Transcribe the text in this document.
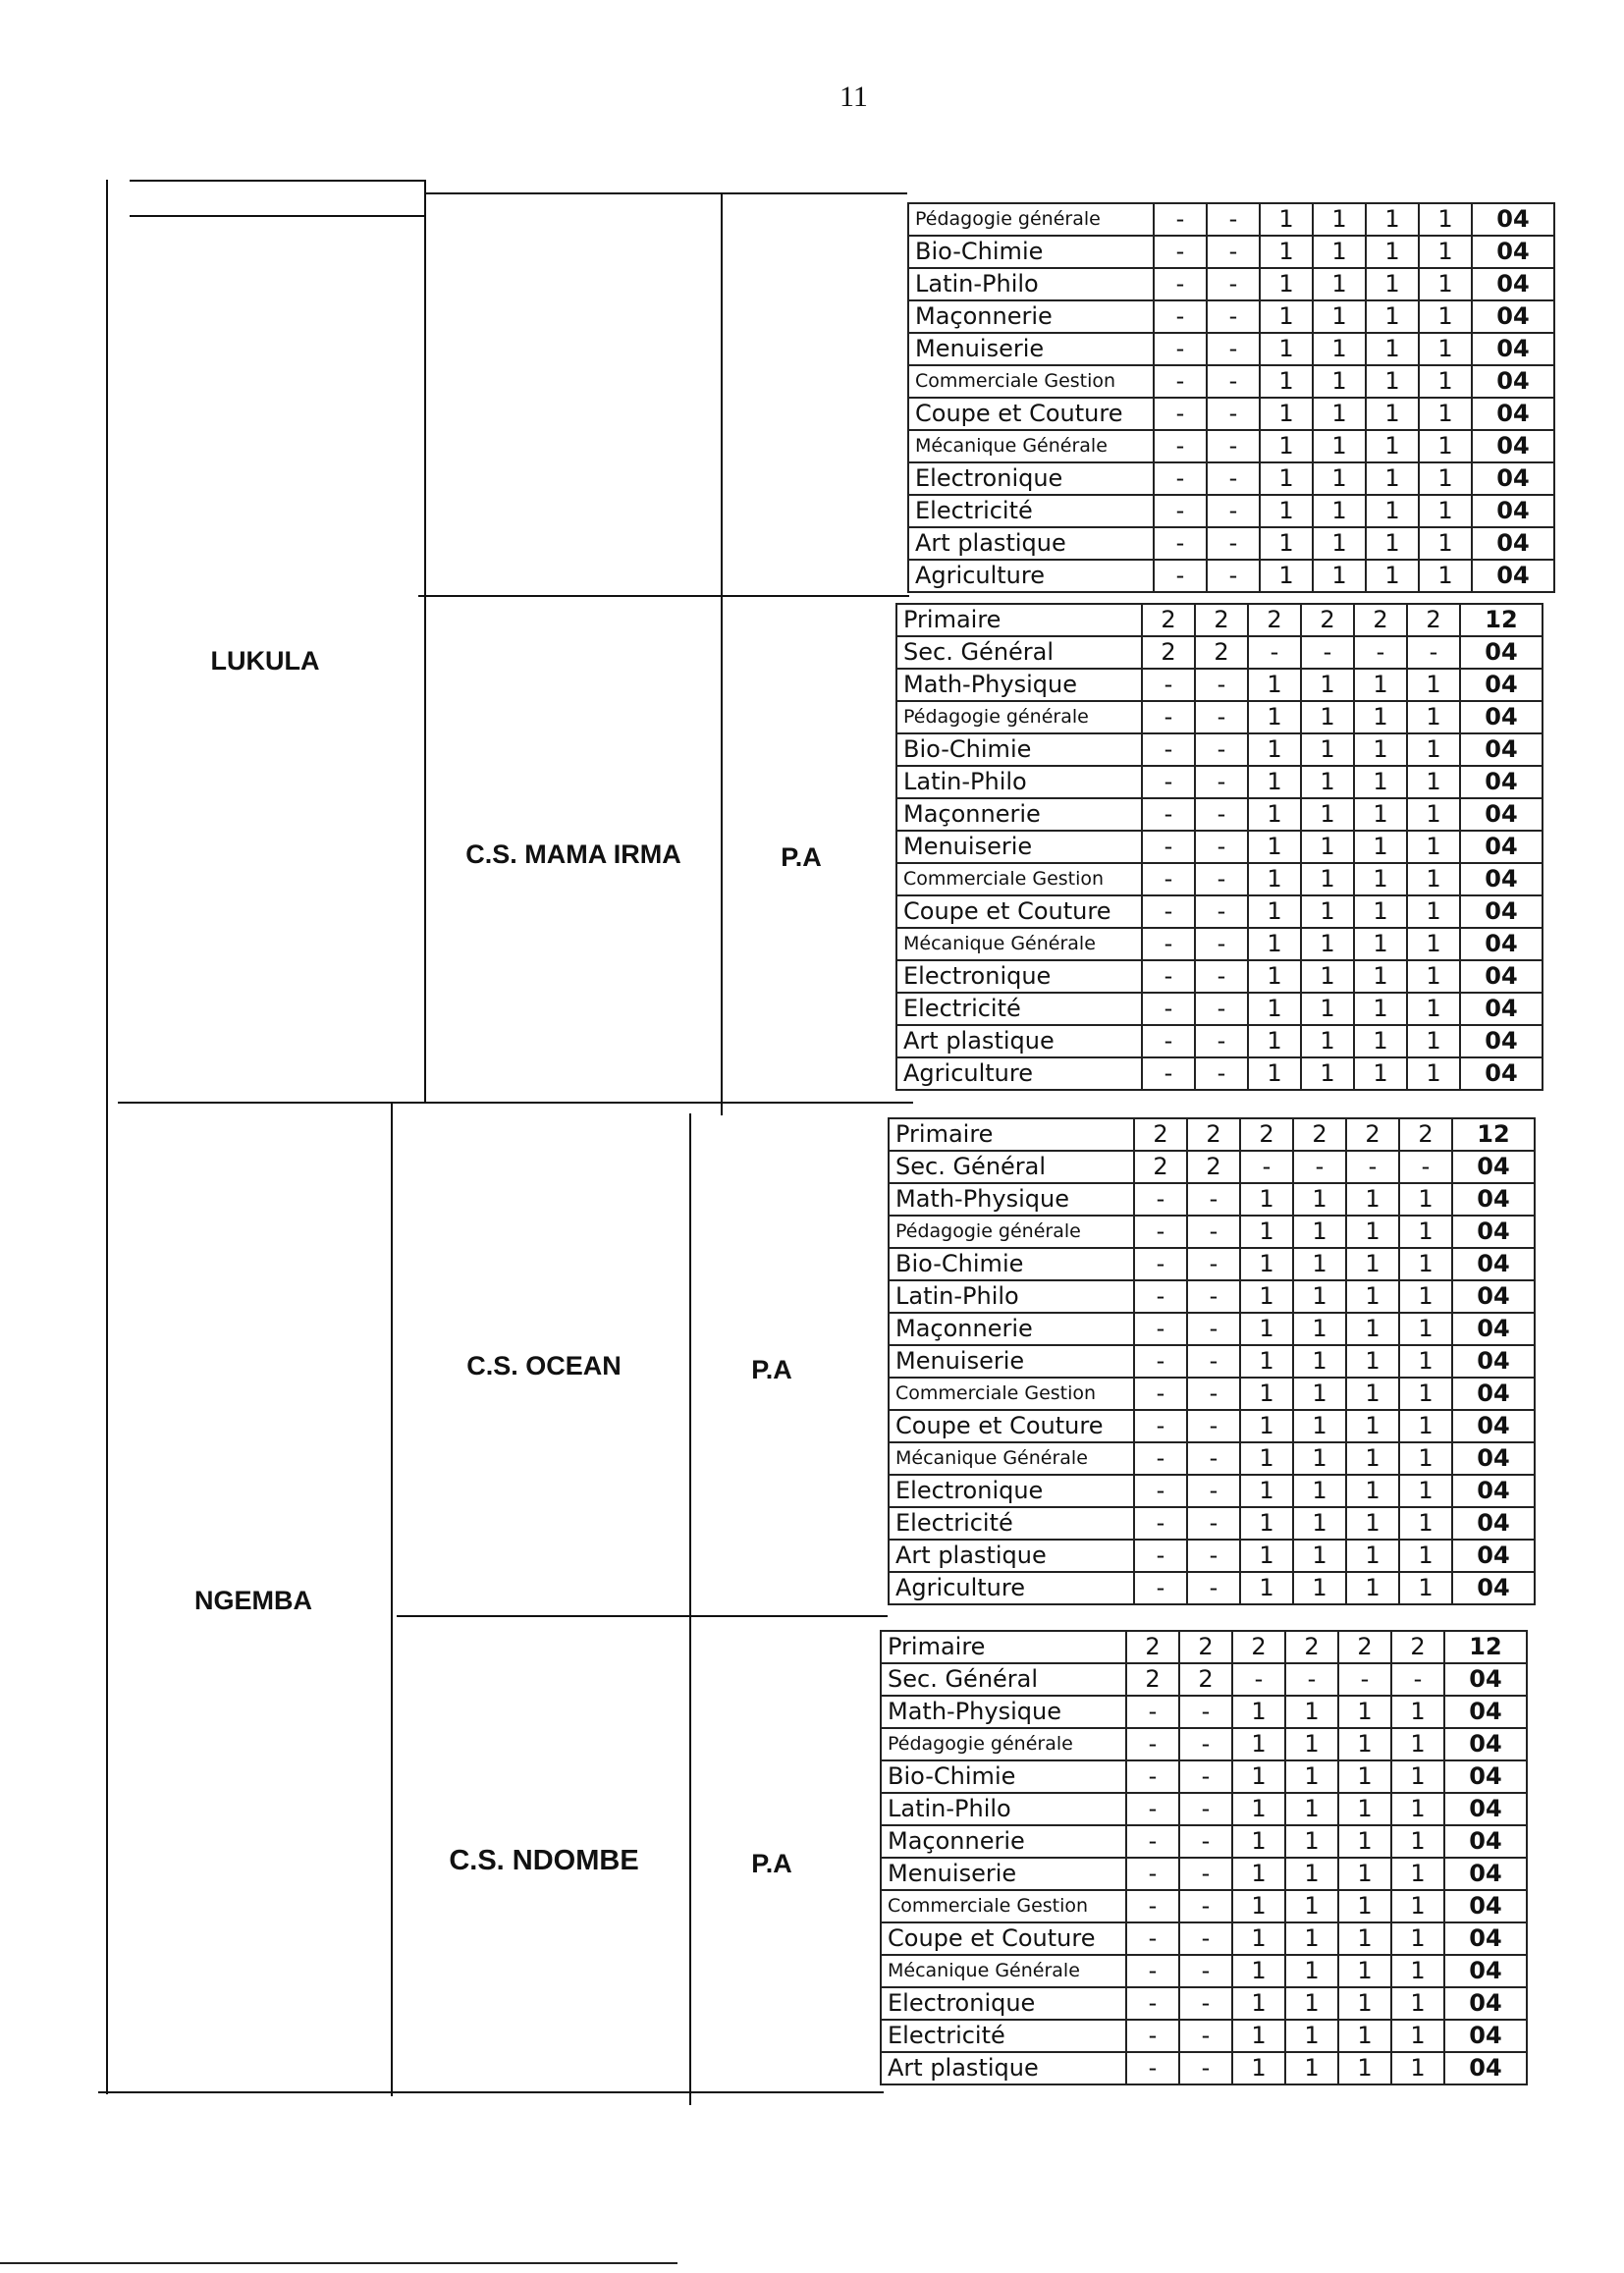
11
LUKULA
NGEMBA
C.S. MAMA IRMA	P.A
C.S. OCEAN	P.A
C.S. NDOMBE	P.A
Pédagogie générale	-	-	1	1	1	1	04
Bio-Chimie	-	-	1	1	1	1	04
Latin-Philo	-	-	1	1	1	1	04
Maçonnerie	-	-	1	1	1	1	04
Menuiserie	-	-	1	1	1	1	04
Commerciale Gestion	-	-	1	1	1	1	04
Coupe et Couture	-	-	1	1	1	1	04
Mécanique Générale	-	-	1	1	1	1	04
Electronique	-	-	1	1	1	1	04
Electricité	-	-	1	1	1	1	04
Art plastique	-	-	1	1	1	1	04
Agriculture	-	-	1	1	1	1	04
Primaire	2	2	2	2	2	2	12
Sec. Général	2	2	-	-	-	-	04
Math-Physique	-	-	1	1	1	1	04
Pédagogie générale	-	-	1	1	1	1	04
Bio-Chimie	-	-	1	1	1	1	04
Latin-Philo	-	-	1	1	1	1	04
Maçonnerie	-	-	1	1	1	1	04
Menuiserie	-	-	1	1	1	1	04
Commerciale Gestion	-	-	1	1	1	1	04
Coupe et Couture	-	-	1	1	1	1	04
Mécanique Générale	-	-	1	1	1	1	04
Electronique	-	-	1	1	1	1	04
Electricité	-	-	1	1	1	1	04
Art plastique	-	-	1	1	1	1	04
Agriculture	-	-	1	1	1	1	04
Primaire	2	2	2	2	2	2	12
Sec. Général	2	2	-	-	-	-	04
Math-Physique	-	-	1	1	1	1	04
Pédagogie générale	-	-	1	1	1	1	04
Bio-Chimie	-	-	1	1	1	1	04
Latin-Philo	-	-	1	1	1	1	04
Maçonnerie	-	-	1	1	1	1	04
Menuiserie	-	-	1	1	1	1	04
Commerciale Gestion	-	-	1	1	1	1	04
Coupe et Couture	-	-	1	1	1	1	04
Mécanique Générale	-	-	1	1	1	1	04
Electronique	-	-	1	1	1	1	04
Electricité	-	-	1	1	1	1	04
Art plastique	-	-	1	1	1	1	04
Agriculture	-	-	1	1	1	1	04
Primaire	2	2	2	2	2	2	12
Sec. Général	2	2	-	-	-	-	04
Math-Physique	-	-	1	1	1	1	04
Pédagogie générale	-	-	1	1	1	1	04
Bio-Chimie	-	-	1	1	1	1	04
Latin-Philo	-	-	1	1	1	1	04
Maçonnerie	-	-	1	1	1	1	04
Menuiserie	-	-	1	1	1	1	04
Commerciale Gestion	-	-	1	1	1	1	04
Coupe et Couture	-	-	1	1	1	1	04
Mécanique Générale	-	-	1	1	1	1	04
Electronique	-	-	1	1	1	1	04
Electricité	-	-	1	1	1	1	04
Art plastique	-	-	1	1	1	1	04
